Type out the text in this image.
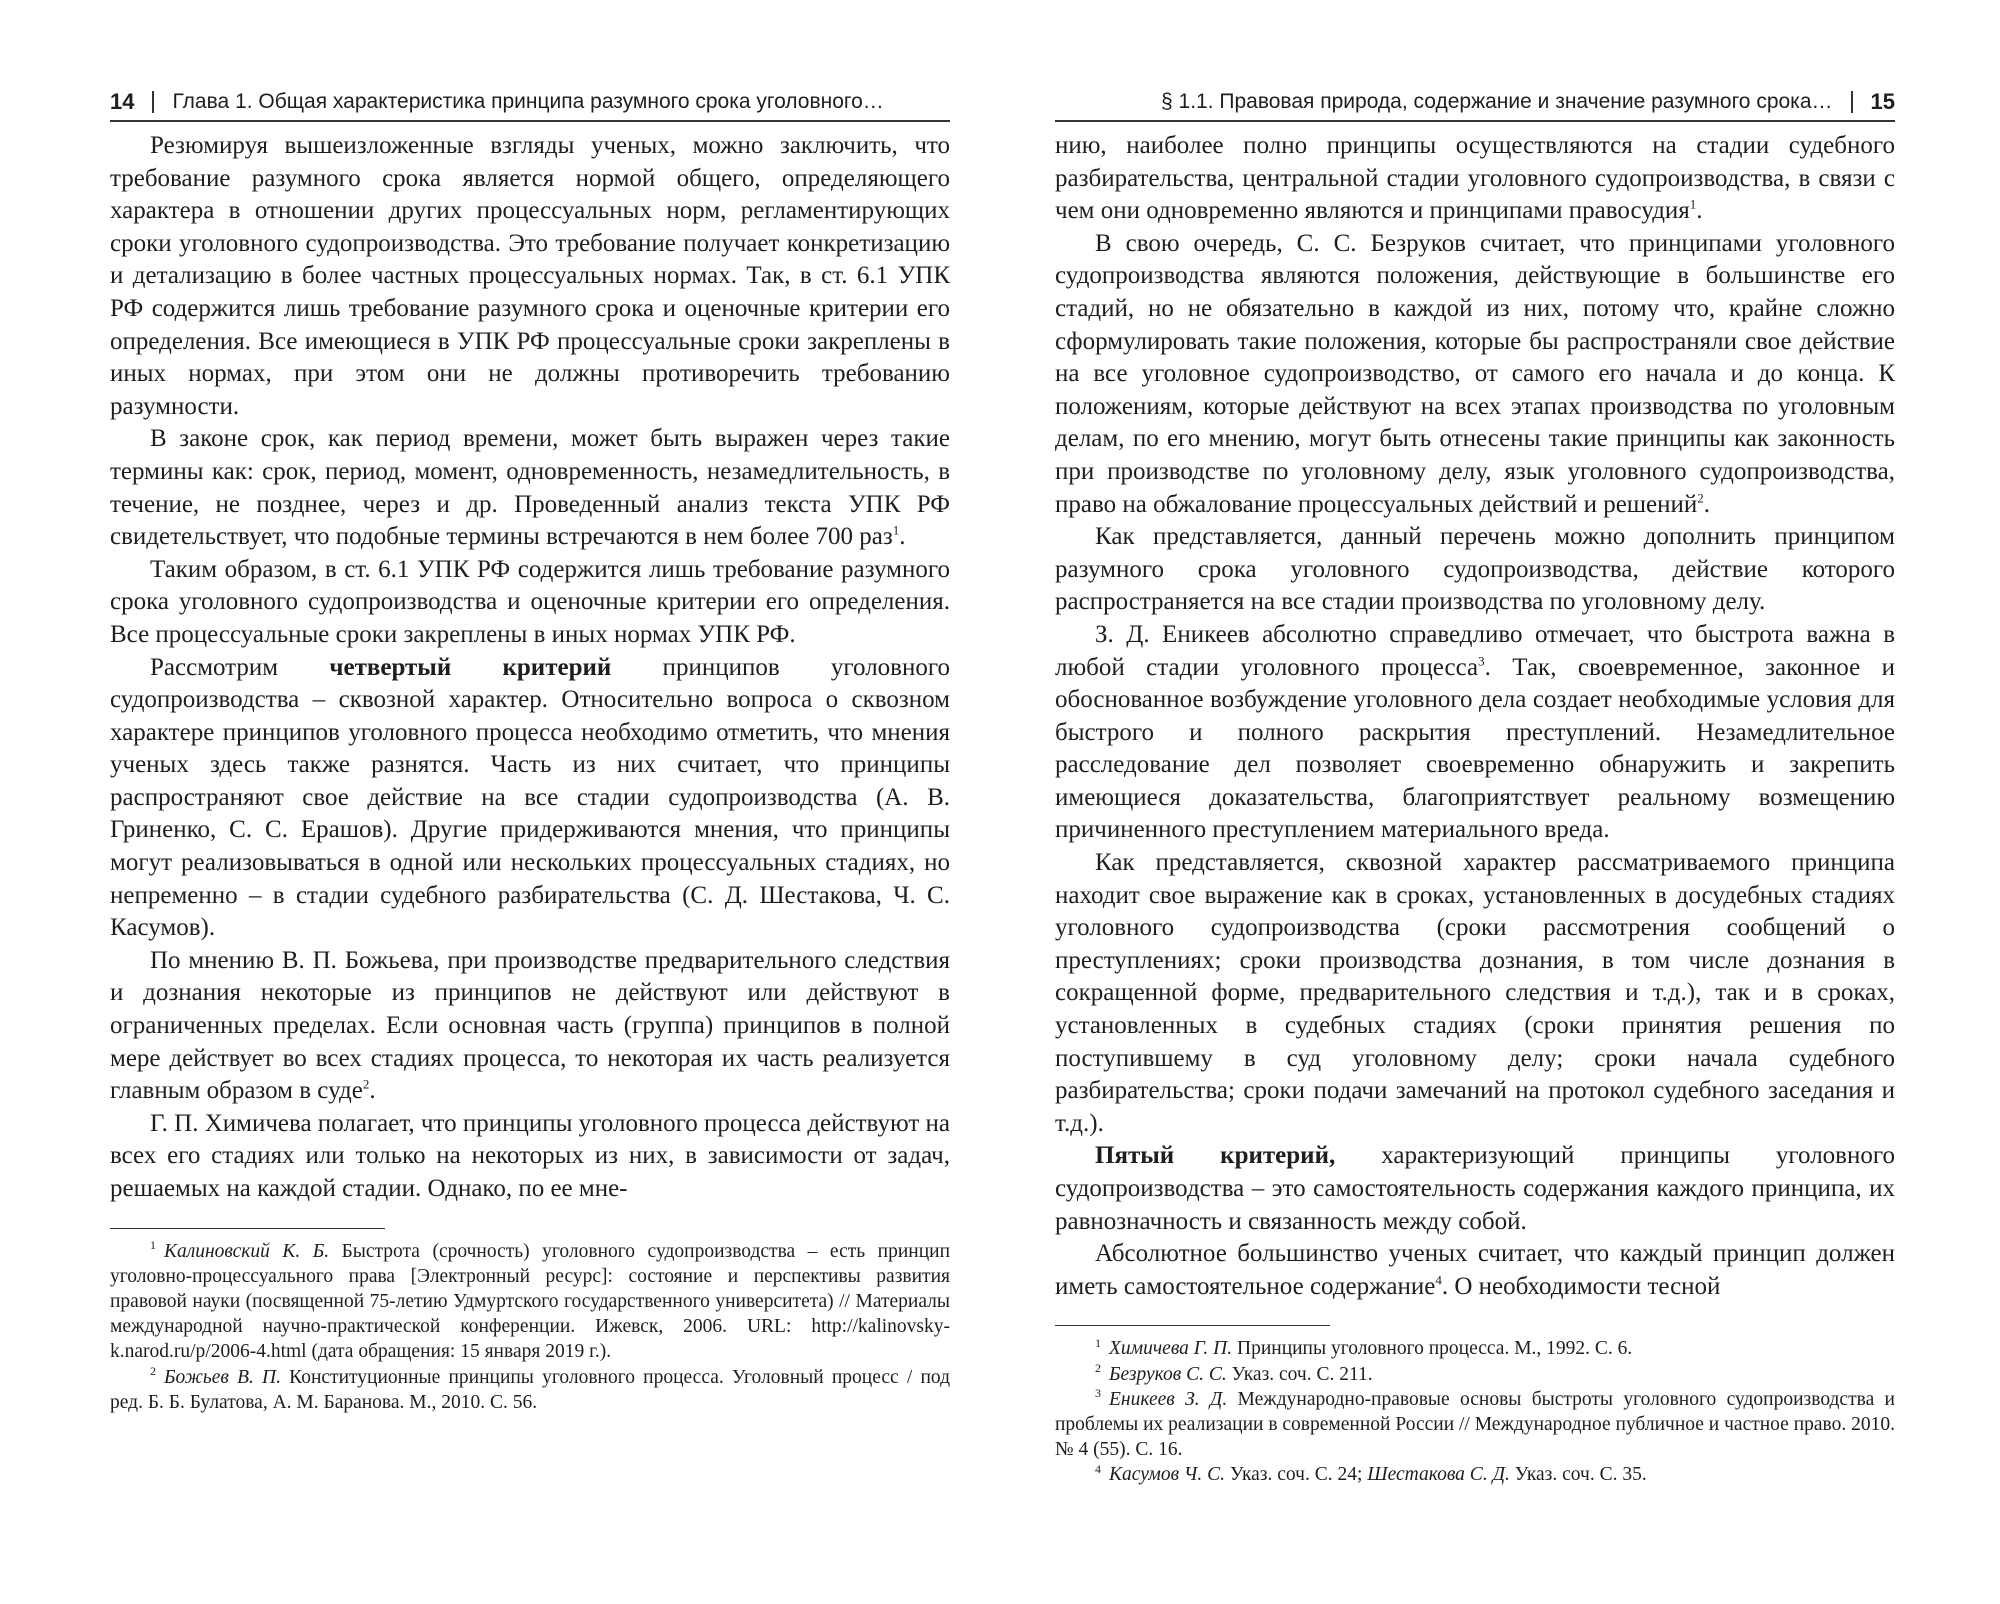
14 Глава 1. Общая характеристика принципа разумного срока уголовного…

Резюмируя вышеизложенные взгляды ученых, можно заключить, что требование разумного срока является нормой общего, определяющего характера в отношении других процессуальных норм, регламентирующих сроки уголовного судопроизводства. Это требование получает конкретизацию и детализацию в более частных процессуальных нормах. Так, в ст. 6.1 УПК РФ содержится лишь требование разумного срока и оценочные критерии его определения. Все имеющиеся в УПК РФ процессуальные сроки закреплены в иных нормах, при этом они не должны противоречить требованию разумности.

В законе срок, как период времени, может быть выражен через такие термины как: срок, период, момент, одновременность, незамедлительность, в течение, не позднее, через и др. Проведенный анализ текста УПК РФ свидетельствует, что подобные термины встречаются в нем более 700 раз$^1$.

Таким образом, в ст. 6.1 УПК РФ содержится лишь требование разумного срока уголовного судопроизводства и оценочные критерии его определения. Все процессуальные сроки закреплены в иных нормах УПК РФ.

Рассмотрим четвертый критерий принципов уголовного судопроизводства – сквозной характер. Относительно вопроса о сквозном характере принципов уголовного процесса необходимо отметить, что мнения ученых здесь также разнятся. Часть из них считает, что принципы распространяют свое действие на все стадии судопроизводства (А. В. Гриненко, С. С. Ерашов). Другие придерживаются мнения, что принципы могут реализовываться в одной или нескольких процессуальных стадиях, но непременно – в стадии судебного разбирательства (С. Д. Шестакова, Ч. С. Касумов).

По мнению В. П. Божьева, при производстве предварительного следствия и дознания некоторые из принципов не действуют или действуют в ограниченных пределах. Если основная часть (группа) принципов в полной мере действует во всех стадиях процесса, то некоторая их часть реализуется главным образом в суде$^2$.

Г. П. Химичева полагает, что принципы уголовного процесса действуют на всех его стадиях или только на некоторых из них, в зависимости от задач, решаемых на каждой стадии. Однако, по ее мне-

$^1$ Калиновский К. Б. Быстрота (срочность) уголовного судопроизводства – есть принцип уголовно-процессуального права [Электронный ресурс]: состояние и перспективы развития правовой науки (посвященной 75-летию Удмуртского государственного университета) // Материалы международной научно-практической конференции. Ижевск, 2006. URL: http://kalinovsky-k.narod.ru/p/2006-4.html (дата обращения: 15 января 2019 г.).

$^2$ Божьев В. П. Конституционные принципы уголовного процесса. Уголовный процесс / под ред. Б. Б. Булатова, А. М. Баранова. М., 2010. С. 56.

§ 1.1. Правовая природа, содержание и значение разумного срока… 15

нию, наиболее полно принципы осуществляются на стадии судебного разбирательства, центральной стадии уголовного судопроизводства, в связи с чем они одновременно являются и принципами правосудия$^1$.

В свою очередь, С. С. Безруков считает, что принципами уголовного судопроизводства являются положения, действующие в большинстве его стадий, но не обязательно в каждой из них, потому что, крайне сложно сформулировать такие положения, которые бы распространяли свое действие на все уголовное судопроизводство, от самого его начала и до конца. К положениям, которые действуют на всех этапах производства по уголовным делам, по его мнению, могут быть отнесены такие принципы как законность при производстве по уголовному делу, язык уголовного судопроизводства, право на обжалование процессуальных действий и решений$^2$.

Как представляется, данный перечень можно дополнить принципом разумного срока уголовного судопроизводства, действие которого распространяется на все стадии производства по уголовному делу.

З. Д. Еникеев абсолютно справедливо отмечает, что быстрота важна в любой стадии уголовного процесса$^3$. Так, своевременное, законное и обоснованное возбуждение уголовного дела создает необходимые условия для быстрого и полного раскрытия преступлений. Незамедлительное расследование дел позволяет своевременно обнаружить и закрепить имеющиеся доказательства, благоприятствует реальному возмещению причиненного преступлением материального вреда.

Как представляется, сквозной характер рассматриваемого принципа находит свое выражение как в сроках, установленных в досудебных стадиях уголовного судопроизводства (сроки рассмотрения сообщений о преступлениях; сроки производства дознания, в том числе дознания в сокращенной форме, предварительного следствия и т.д.), так и в сроках, установленных в судебных стадиях (сроки принятия решения по поступившему в суд уголовному делу; сроки начала судебного разбирательства; сроки подачи замечаний на протокол судебного заседания и т.д.).

Пятый критерий, характеризующий принципы уголовного судопроизводства – это самостоятельность содержания каждого принципа, их равнозначность и связанность между собой.

Абсолютное большинство ученых считает, что каждый принцип должен иметь самостоятельное содержание$^4$. О необходимости тесной

$^1$ Химичева Г. П. Принципы уголовного процесса. М., 1992. С. 6.

$^2$ Безруков С. С. Указ. соч. С. 211.

$^3$ Еникеев З. Д. Международно-правовые основы быстроты уголовного судопроизводства и проблемы их реализации в современной России // Международное публичное и частное право. 2010. № 4 (55). С. 16.

$^4$ Касумов Ч. С. Указ. соч. С. 24; Шестакова С. Д. Указ. соч. С. 35.
